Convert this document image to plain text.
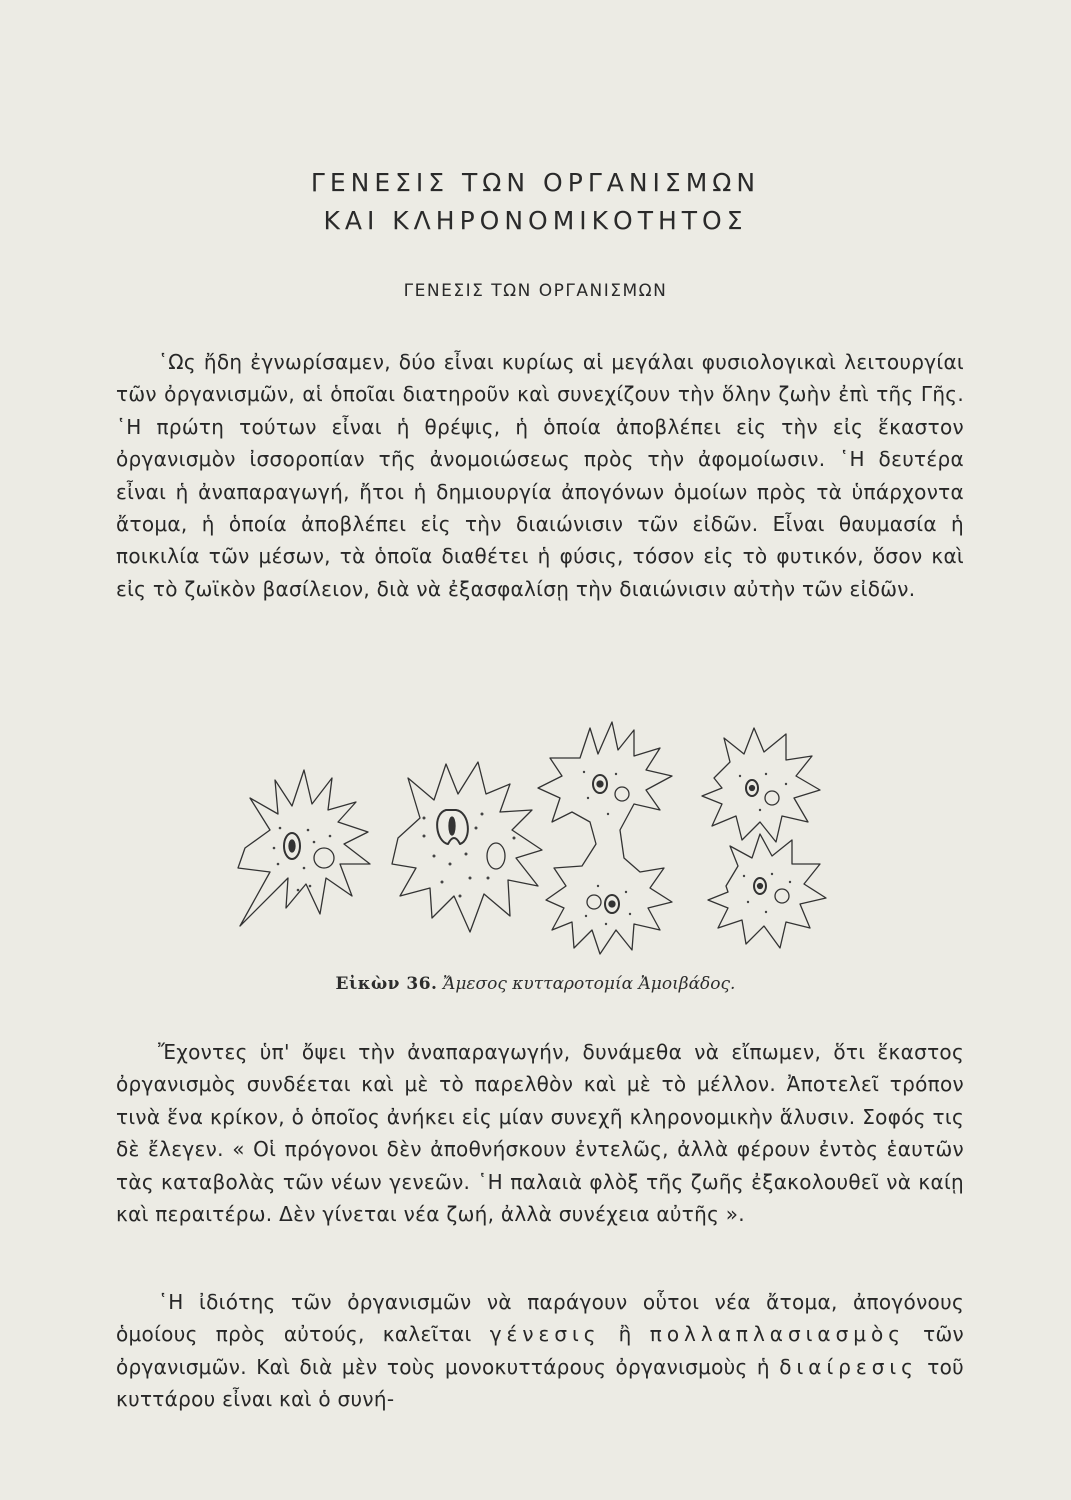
ΓΕΝΕΣΙΣ ΤΩΝ ΟΡΓΑΝΙΣΜΩΝ
ΚΑΙ ΚΛΗΡΟΝΟΜΙΚΟΤΗΤΟΣ
ΓΕΝΕΣΙΣ ΤΩΝ ΟΡΓΑΝΙΣΜΩΝ

῾Ως ἤδη ἐγνωρίσαμεν, δύο εἶναι κυρίως αἱ μεγάλαι φυσιολογικαὶ λειτουργίαι τῶν ὀργανισμῶν, αἱ ὁποῖαι διατηροῦν καὶ συνεχίζουν τὴν ὅλην ζωὴν ἐπὶ τῆς Γῆς. ῾Η πρώτη τούτων εἶναι ἡ θρέψις, ἡ ὁποία ἀποβλέπει εἰς τὴν εἰς ἕκαστον ὀργανισμὸν ἰσσοροπίαν τῆς ἀνομοιώσεως πρὸς τὴν ἀφομοίωσιν. ῾Η δευτέρα εἶναι ἡ ἀναπαραγωγή, ἤτοι ἡ δημιουργία ἀπογόνων ὁμοίων πρὸς τὰ ὑπάρχοντα ἄτομα, ἡ ὁποία ἀποβλέπει εἰς τὴν διαιώνισιν τῶν εἰδῶν. Εἶναι θαυμασία ἡ ποικιλία τῶν μέσων, τὰ ὁποῖα διαθέτει ἡ φύσις, τόσον εἰς τὸ φυτικόν, ὅσον καὶ εἰς τὸ ζωϊκὸν βασίλειον, διὰ νὰ ἐξασφαλίσῃ τὴν διαιώνισιν αὐτὴν τῶν εἰδῶν.

Εἰκὼν 36. Ἄμεσος κυτταροτομία Ἀμοιβάδος.

Ἔχοντες ὑπ' ὄψει τὴν ἀναπαραγωγήν, δυνάμεθα νὰ εἴπωμεν, ὅτι ἕκαστος ὀργανισμὸς συνδέεται καὶ μὲ τὸ παρελθὸν καὶ μὲ τὸ μέλλον. Ἀποτελεῖ τρόπον τινὰ ἕνα κρίκον, ὁ ὁποῖος ἀνήκει εἰς μίαν συνεχῆ κληρονομικὴν ἅλυσιν. Σοφός τις δὲ ἔλεγεν. « Οἱ πρόγονοι δὲν ἀποθνήσκουν ἐντελῶς, ἀλλὰ φέρουν ἐντὸς ἑαυτῶν τὰς καταβολὰς τῶν νέων γενεῶν. ῾Η παλαιὰ φλὸξ τῆς ζωῆς ἐξακολουθεῖ νὰ καίῃ καὶ περαιτέρω. Δὲν γίνεται νέα ζωή, ἀλλὰ συνέχεια αὐτῆς ».

῾Η ἰδιότης τῶν ὀργανισμῶν νὰ παράγουν οὗτοι νέα ἄτομα, ἀπογόνους ὁμοίους πρὸς αὐτούς, καλεῖται γένεσις ἢ πολλαπλασιασμὸς τῶν ὀργανισμῶν. Καὶ διὰ μὲν τοὺς μονοκυττάρους ὀργανισμοὺς ἡ διαίρεσις τοῦ κυττάρου εἶναι καὶ ὁ συνή-
